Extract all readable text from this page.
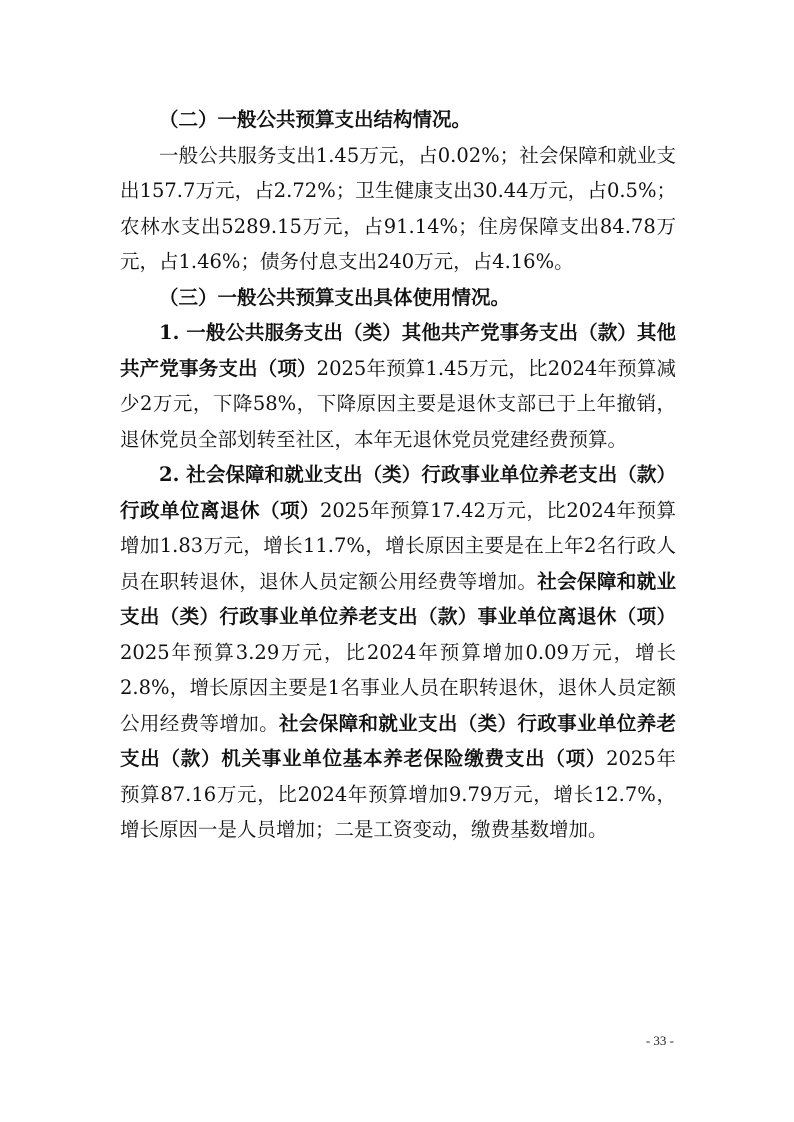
（二）一般公共预算支出结构情况。

一般公共服务支出1.45万元，占0.02%；社会保障和就业支出157.7万元，占2.72%；卫生健康支出30.44万元，占0.5%；农林水支出5289.15万元，占91.14%；住房保障支出84.78万元，占1.46%；债务付息支出240万元，占4.16%。

（三）一般公共预算支出具体使用情况。

1. 一般公共服务支出（类）其他共产党事务支出（款）其他共产党事务支出（项）2025年预算1.45万元，比2024年预算减少2万元，下降58%，下降原因主要是退休支部已于上年撤销，退休党员全部划转至社区，本年无退休党员党建经费预算。

2. 社会保障和就业支出（类）行政事业单位养老支出（款）行政单位离退休（项）2025年预算17.42万元，比2024年预算增加1.83万元，增长11.7%，增长原因主要是在上年2名行政人员在职转退休，退休人员定额公用经费等增加。社会保障和就业支出（类）行政事业单位养老支出（款）事业单位离退休（项）2025年预算3.29万元，比2024年预算增加0.09万元，增长2.8%，增长原因主要是1名事业人员在职转退休，退休人员定额公用经费等增加。社会保障和就业支出（类）行政事业单位养老支出（款）机关事业单位基本养老保险缴费支出（项）2025年预算87.16万元，比2024年预算增加9.79万元，增长12.7%，增长原因一是人员增加；二是工资变动，缴费基数增加。

- 33 -
